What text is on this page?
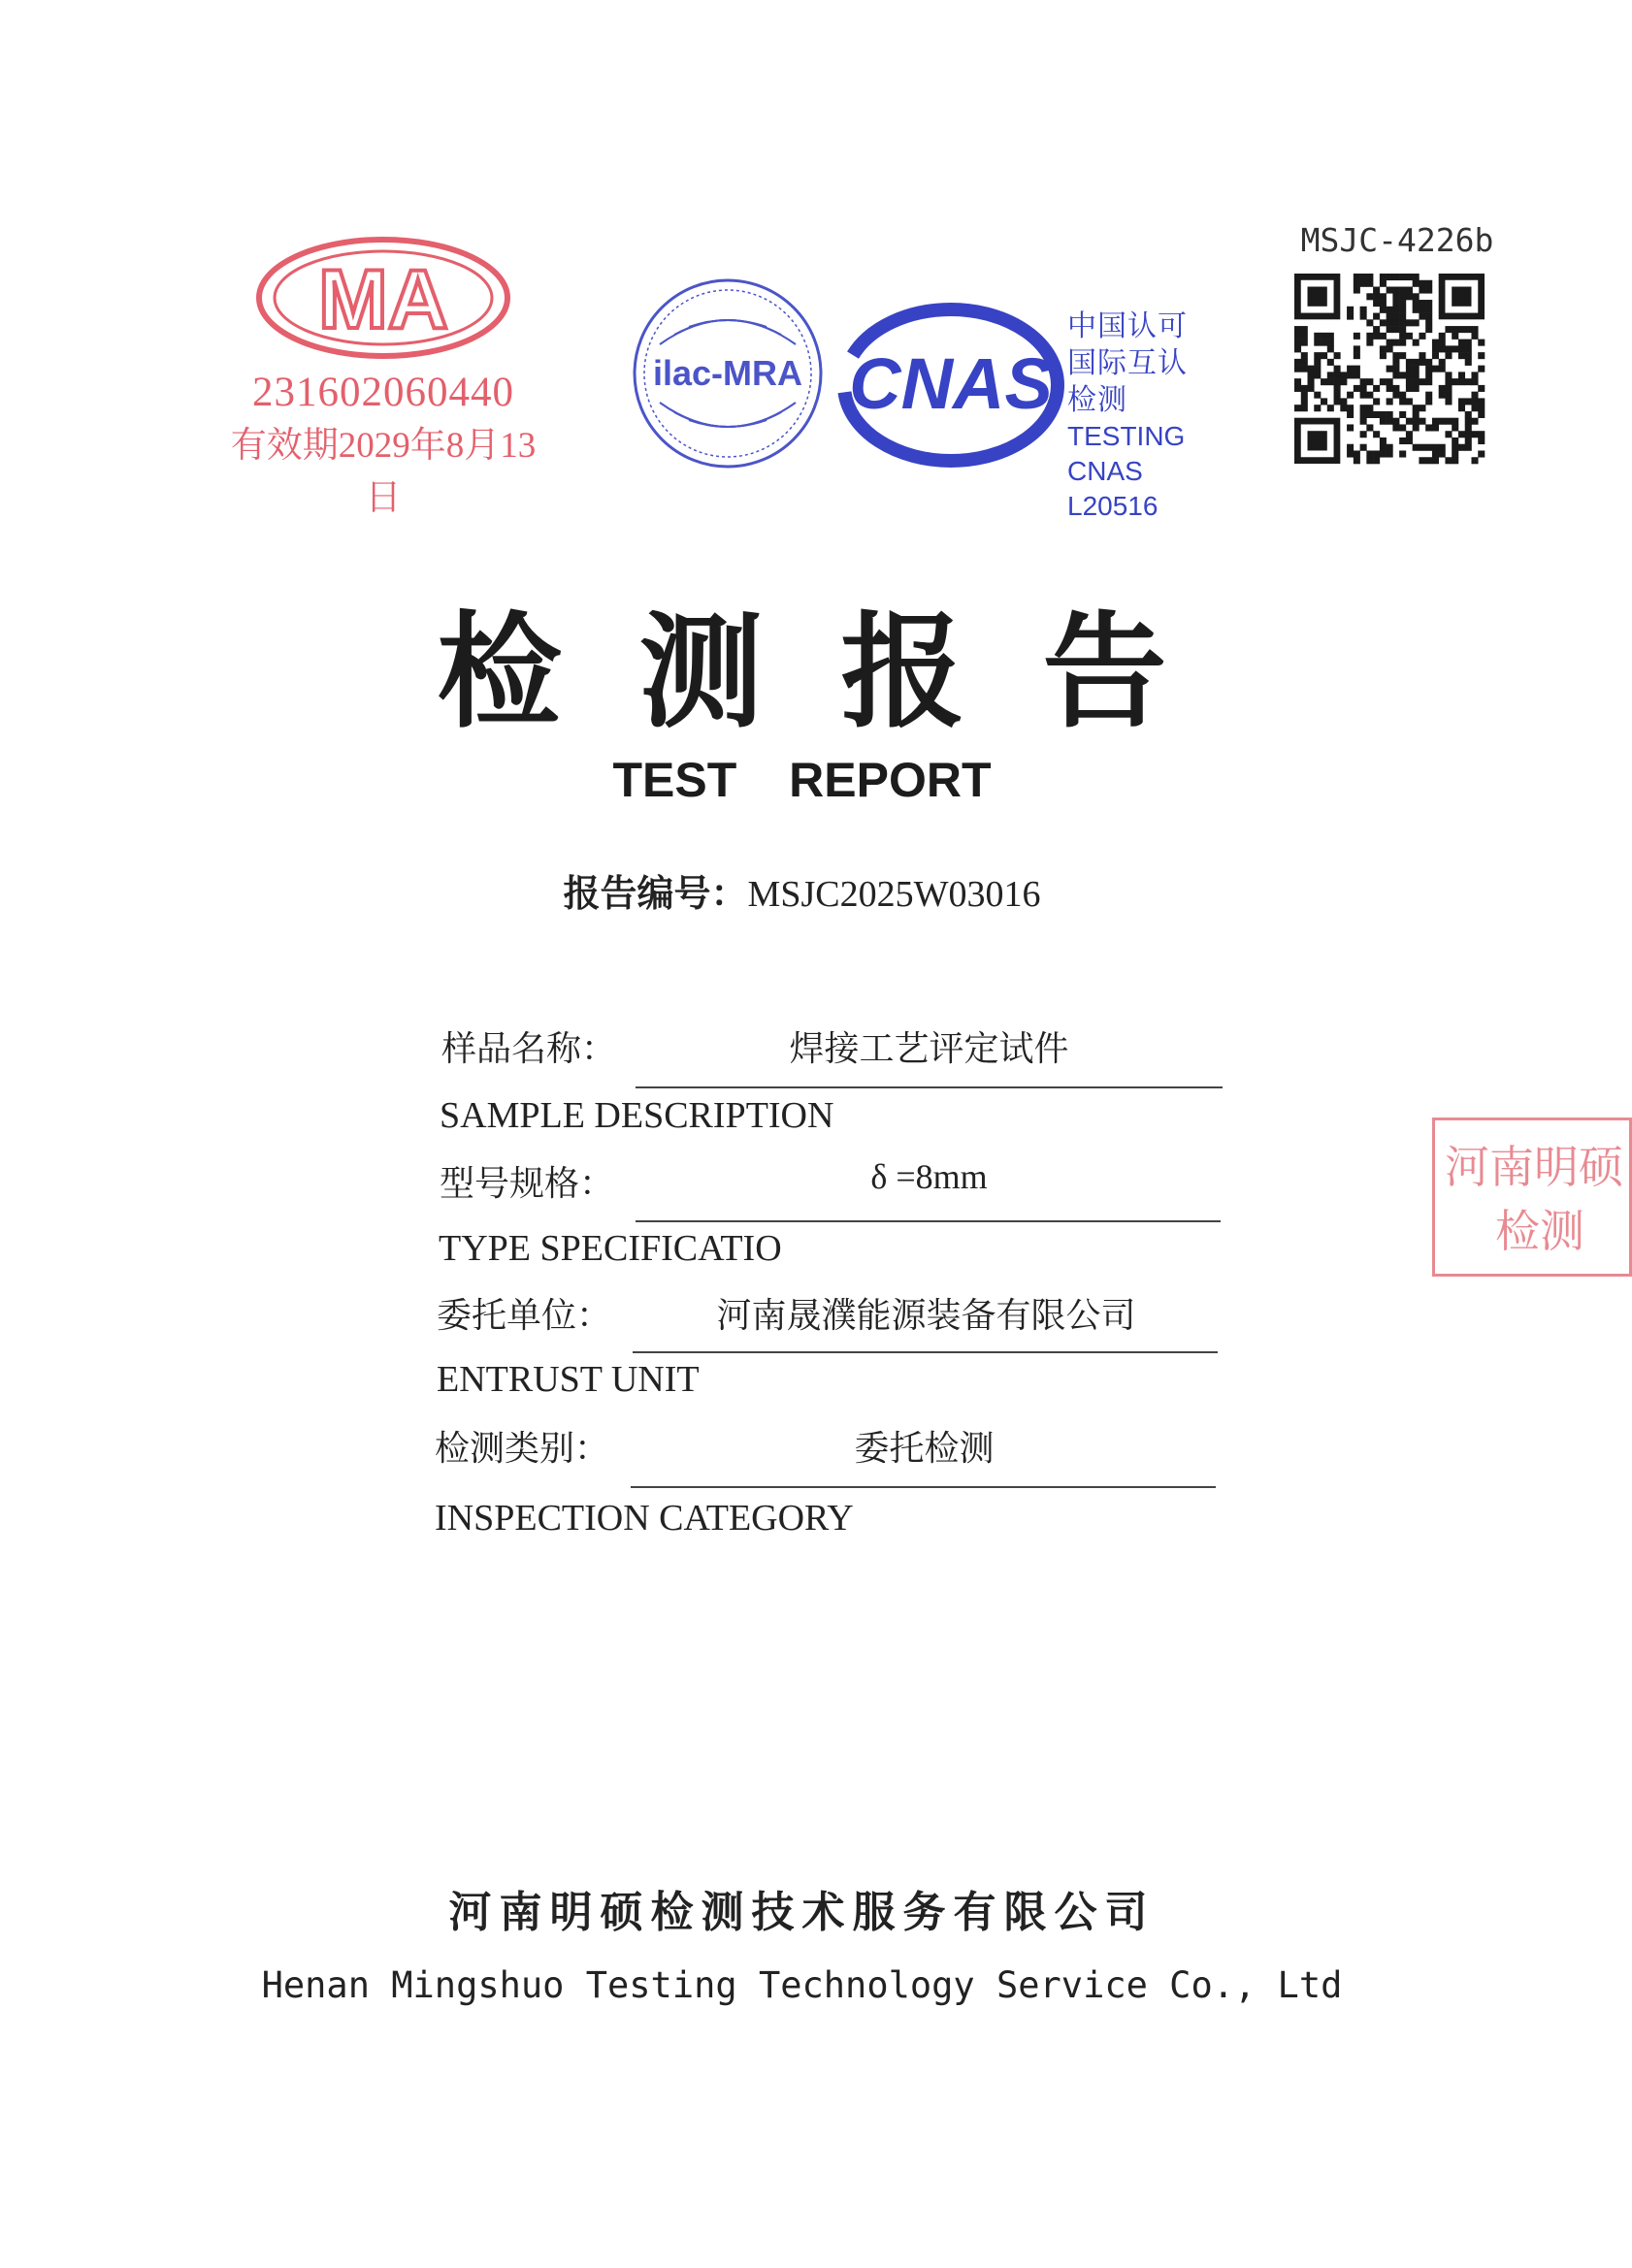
MA
231602060440
有效期2029年8月13日
ilac-MRA CNAS
中国认可
国际互认
检测
TESTING
CNAS L20516
MSJC-4226b
检测报告
TEST REPORT
报告编号：MSJC2025W03016
样品名称：	焊接工艺评定试件
SAMPLE DESCRIPTION
型号规格：	δ =8mm
TYPE SPECIFICATIO
委托单位：	河南晟濮能源装备有限公司
ENTRUST UNIT
检测类别：	委托检测
INSPECTION CATEGORY
河南明硕
检测
河南明硕检测技术服务有限公司
Henan Mingshuo Testing Technology Service Co., Ltd
